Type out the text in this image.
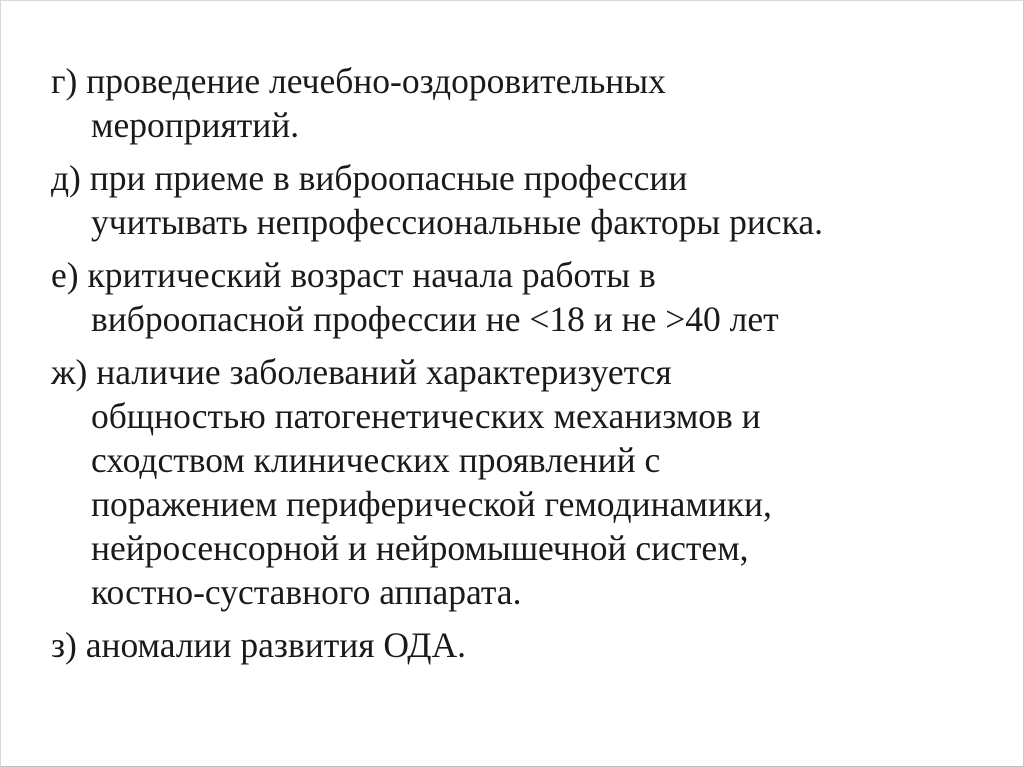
г) проведение лечебно-оздоровительных
мероприятий.
д) при приеме в виброопасные профессии
учитывать непрофессиональные факторы риска.
е) критический возраст начала работы в
виброопасной профессии не <18 и не >40 лет
ж) наличие заболеваний характеризуется
общностью патогенетических механизмов и
сходством клинических проявлений с
поражением периферической гемодинамики,
нейросенсорной и нейромышечной систем,
костно-суставного аппарата.
з) аномалии развития ОДА.
